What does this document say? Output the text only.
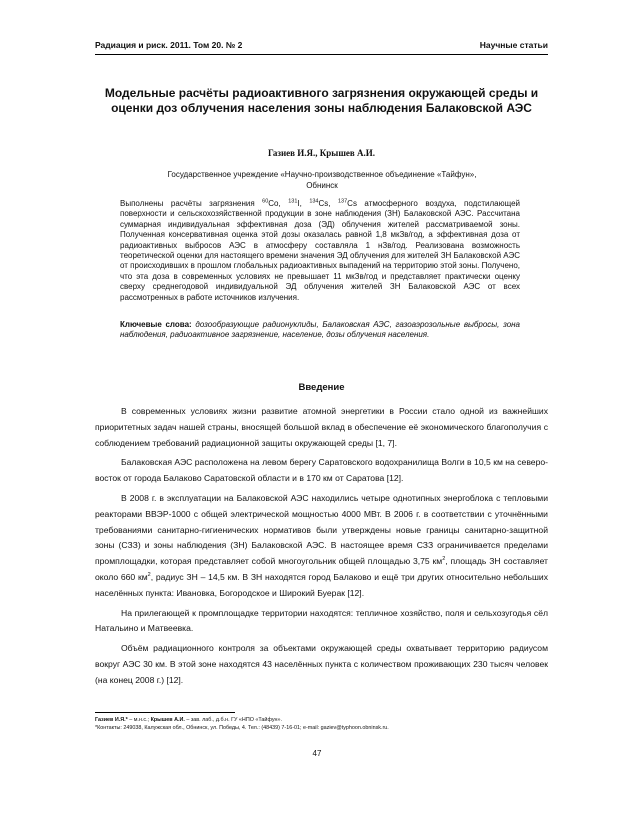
Радиация и риск. 2011. Том 20. № 2	Научные статьи
Модельные расчёты радиоактивного загрязнения окружающей среды и оценки доз облучения населения зоны наблюдения Балаковской АЭС
Газиев И.Я., Крышев А.И.
Государственное учреждение «Научно-производственное объединение «Тайфун»,
Обнинск
Выполнены расчёты загрязнения $^{60}$Co, $^{131}$I, $^{134}$Cs, $^{137}$Cs атмосферного воздуха, подстилающей поверхности и сельскохозяйственной продукции в зоне наблюдения (ЗН) Балаковской АЭС. Рассчитана суммарная индивидуальная эффективная доза (ЭД) облучения жителей рассматриваемой зоны. Полученная консервативная оценка этой дозы оказалась равной 1,8 мкЗв/год, а эффективная доза от радиоактивных выбросов АЭС в атмосферу составляла 1 нЗв/год. Реализована возможность теоретической оценки для настоящего времени значения ЭД облучения для жителей ЗН Балаковской АЭС от происходивших в прошлом глобальных радиоактивных выпадений на территорию этой зоны. Получено, что эта доза в современных условиях не превышает 11 мкЗв/год и представляет практически оценку сверху среднегодовой индивидуальной ЭД облучения жителей ЗН Балаковской АЭС от всех рассмотренных в работе источников излучения.
Ключевые слова: дозообразующие радионуклиды, Балаковская АЭС, газоаэрозольные выбросы, зона наблюдения, радиоактивное загрязнение, население, дозы облучения населения.
Введение

В современных условиях жизни развитие атомной энергетики в России стало одной из важнейших приоритетных задач нашей страны, вносящей большой вклад в обеспечение её экономического благополучия с соблюдением требований радиационной защиты окружающей среды [1, 7].

Балаковская АЭС расположена на левом берегу Саратовского водохранилища Волги в 10,5 км на северо-восток от города Балаково Саратовской области и в 170 км от Саратова [12].

В 2008 г. в эксплуатации на Балаковской АЭС находились четыре однотипных энергоблока с тепловыми реакторами ВВЭР-1000 с общей электрической мощностью 4000 МВт. В 2006 г. в соответствии с уточнёнными требованиями санитарно-гигиенических нормативов были утверждены новые границы санитарно-защитной зоны (СЗЗ) и зоны наблюдения (ЗН) Балаковской АЭС. В настоящее время СЗЗ ограничивается пределами промплощадки, которая представляет собой многоугольник общей площадью 3,75 $км^2$, площадь ЗН составляет около 660 $км^2$, радиус ЗН – 14,5 км. В ЗН находятся город Балаково и ещё три других относительно небольших населённых пункта: Ивановка, Богородское и Широкий Буерак [12].

На прилегающей к промплощадке территории находятся: тепличное хозяйство, поля и сельхозугодья сёл Натальино и Матвеевка.

Объём радиационного контроля за объектами окружающей среды охватывает территорию радиусом вокруг АЭС 30 км. В этой зоне находятся 43 населённых пункта с количеством проживающих 230 тысяч человек (на конец 2008 г.) [12].

Газиев И.Я.* – м.н.с.; Крышев А.И. – зав. лаб., д.б.н. ГУ «НПО «Тайфун».
*Контакты: 249038, Калужская обл., Обнинск, ул. Победы, 4. Тел.: (48439) 7-16-01; e-mail: gaziev@typhoon.obninsk.ru.
47
